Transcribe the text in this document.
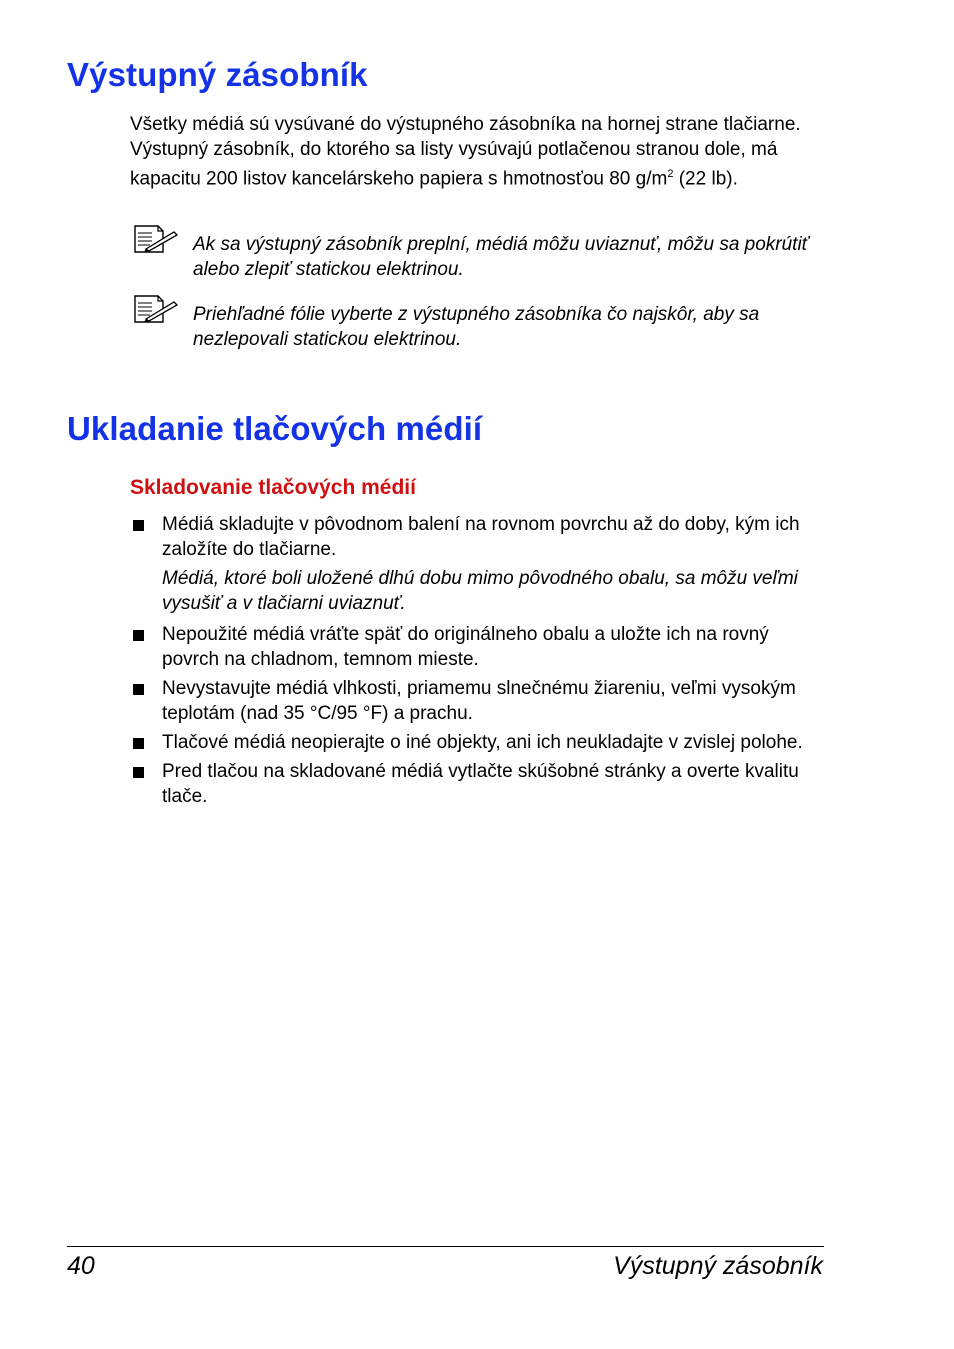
Výstupný zásobník

Všetky médiá sú vysúvané do výstupného zásobníka na hornej strane tlačiarne. Výstupný zásobník, do ktorého sa listy vysúvajú potlačenou stranou dole, má kapacitu 200 listov kancelárskeho papiera s hmotnosťou 80 $g/m^2$ (22 lb).

Ak sa výstupný zásobník preplní, médiá môžu uviaznuť, môžu sa pokrútiť alebo zlepiť statickou elektrinou.

Priehľadné fólie vyberte z výstupného zásobníka čo najskôr, aby sa nezlepovali statickou elektrinou.

Ukladanie tlačových médií
Skladovanie tlačových médií
Médiá skladujte v pôvodnom balení na rovnom povrchu až do doby, kým ich založíte do tlačiarne.
Médiá, ktoré boli uložené dlhú dobu mimo pôvodného obalu, sa môžu veľmi vysušiť a v tlačiarni uviaznuť.
Nepoužité médiá vráťte späť do originálneho obalu a uložte ich na rovný povrch na chladnom, temnom mieste.
Nevystavujte médiá vlhkosti, priamemu slnečnému žiareniu, veľmi vysokým teplotám (nad 35 °C/95 °F) a prachu.
Tlačové médiá neopierajte o iné objekty, ani ich neukladajte v zvislej polohe.
Pred tlačou na skladované médiá vytlačte skúšobné stránky a overte kvalitu tlače.
40	Výstupný zásobník
